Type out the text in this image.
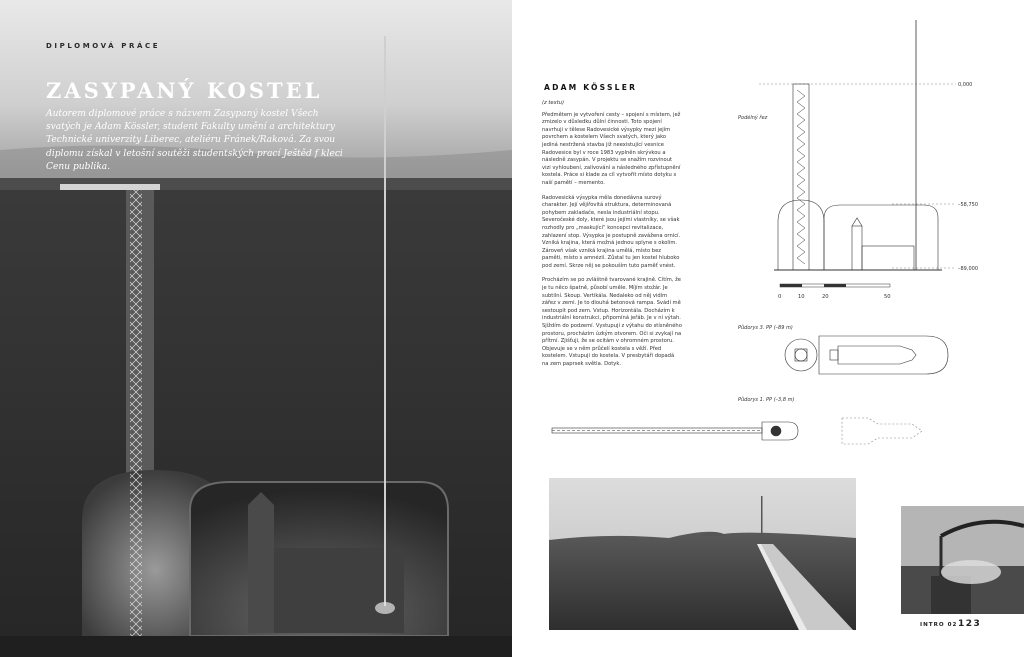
DIPLOMOVÁ PRÁCE
ZASYPANÝ KOSTEL
Autorem diplomové práce s názvem Zasypaný kostel Všech svatých je Adam Kössler, student Fakulty umění a architektury Technické univerzity Liberec, ateliéru Fránek/Raková. Za svou diplomu získal v letošní soutěži studentských prací Ještěd f kleci Cenu publika.
ADAM KÖSSLER

(z textu)

Předmětem je vytvoření cesty – spojení s místem, jež zmizelo v důsledku důlní činnosti. Toto spojení navrhuji v tělese Radovesické výsypky mezi jejím povrchem a kostelem Všech svatých, který jako jediná nestržená stavba již neexistující vesnice Radovesice byl v roce 1983 vyplněn skrývkou a následně zasypán. V projektu se snažím rozvinout vizi vyhloubení, zalívování a následného zpřístupnění kostela. Práce si klade za cíl vytvořit místo dotyku s naší pamětí – memento.

Radovesická výsypka měla donedávna surový charakter. Její vějířovitá struktura, determinovaná pohybem zakladače, nesla industriální stopu. Severočeské doly, které jsou jejími vlastníky, se však rozhodly pro „maskující“ koncepci revitalizace, zahlazení stop. Výsypka je postupně zavážena ornicí. Vzniká krajina, která možná jednou splyne s okolím. Zároveň však vzniká krajina umělá, místo bez paměti, místo s amnézií. Zůstal tu jen kostel hluboko pod zemí. Skrze něj se pokouším tuto paměť vnést.

Procházím se po zvláštně tvarované krajině. Cítím, že je tu něco špatně, působí uměle. Míjím stožár. Je subtilní. Skoup. Vertikála. Nedaleko od něj vidím zářez v zemi. Je to dlouhá betonová rampa. Svádí mě sestoupit pod zem. Vstup. Horizontála. Docházím k industriální konstrukci, připomíná jeřáb. Je v ní výtah. Sjíždím do podzemí. Vystupují z výtahu do stísněného prostoru, procházím úzkým otvorem. Oči si zvykají na přítmí. Zjišťuji, že se ocitám v ohromném prostoru. Objevuje se v něm průčelí kostela s věží. Před kostelem. Vstupuji do kostela. V presbytáři dopadá na zem paprsek světla. Dotyk.

0,000
–58,750
–89,000
0	10	20	50
Podélný řez
Půdorys 3. PP (–89 m)
Půdorys 1. PP (–3,8 m)
INTRO 02 123
